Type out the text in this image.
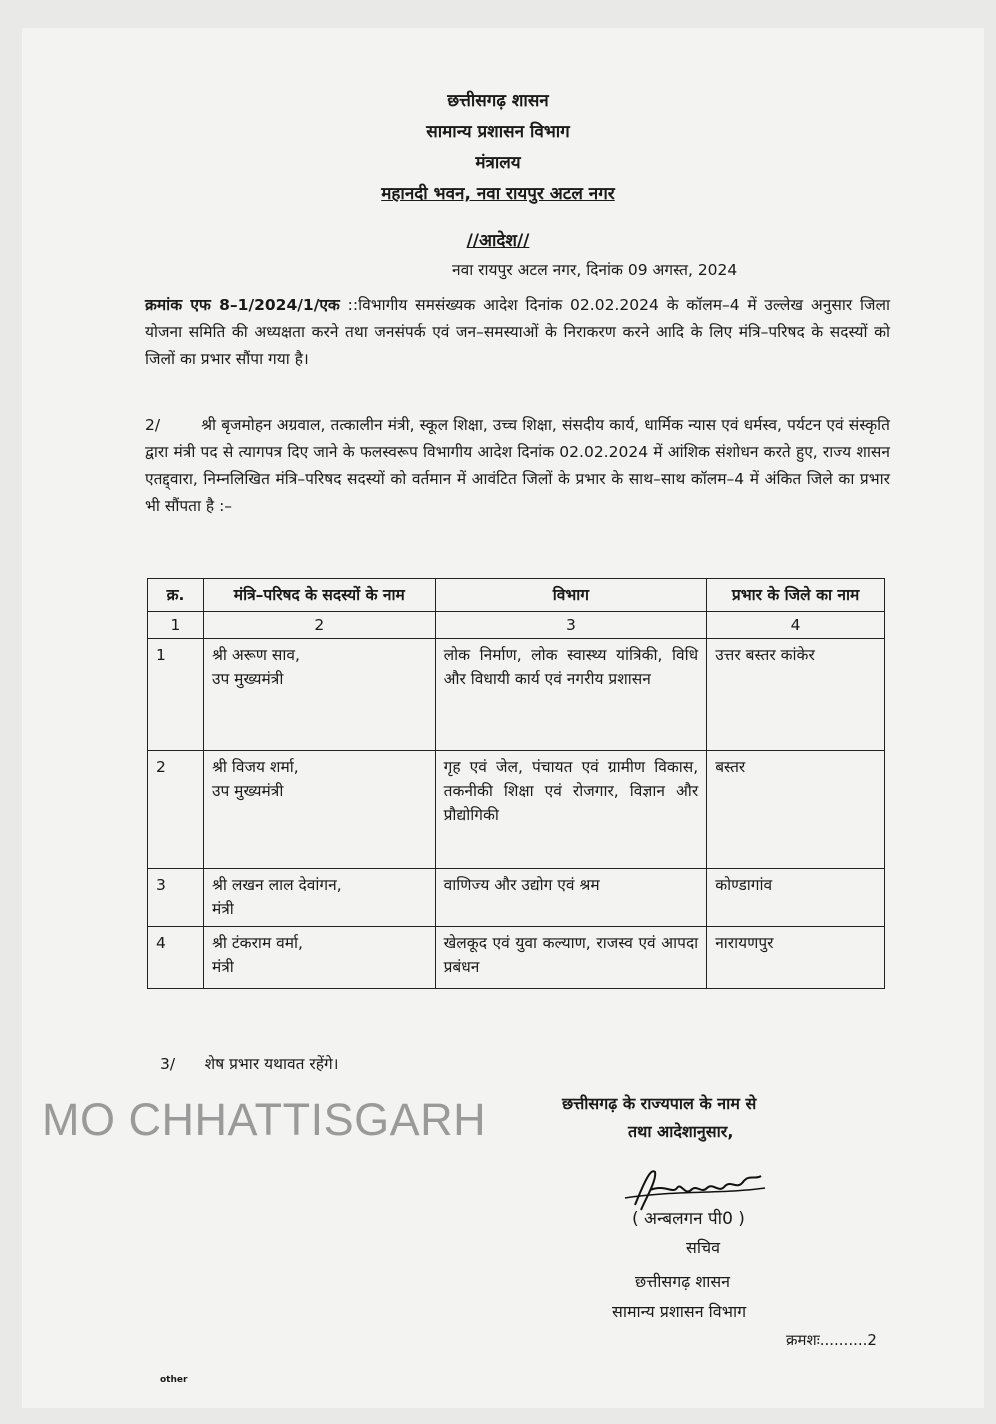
छत्तीसगढ़ शासन
सामान्य प्रशासन विभाग
मंत्रालय
महानदी भवन, नवा रायपुर अटल नगर
//आदेश//
नवा रायपुर अटल नगर, दिनांक 09 अगस्त, 2024
क्रमांक एफ 8–1/2024/1/एक ::विभागीय समसंख्यक आदेश दिनांक 02.02.2024 के कॉलम–4 में उल्लेख अनुसार जिला योजना समिति की अध्यक्षता करने तथा जनसंपर्क एवं जन–समस्याओं के निराकरण करने आदि के लिए मंत्रि–परिषद के सदस्यों को जिलों का प्रभार सौंपा गया है।
2/	श्री बृजमोहन अग्रवाल, तत्कालीन मंत्री, स्कूल शिक्षा, उच्च शिक्षा, संसदीय कार्य, धार्मिक न्यास एवं धर्मस्व, पर्यटन एवं संस्कृति द्वारा मंत्री पद से त्यागपत्र दिए जाने के फलस्वरूप विभागीय आदेश दिनांक 02.02.2024 में आंशिक संशोधन करते हुए, राज्य शासन एतद्द्वारा, निम्नलिखित मंत्रि–परिषद सदस्यों को वर्तमान में आवंटित जिलों के प्रभार के साथ–साथ कॉलम–4 में अंकित जिले का प्रभार भी सौंपता है :–
क्र.	मंत्रि–परिषद के सदस्यों के नाम	विभाग	प्रभार के जिले का नाम
1	2	3	4
1	श्री अरूण साव,
उप मुख्यमंत्री	लोक निर्माण, लोक स्वास्थ्य यांत्रिकी, विधि और विधायी कार्य एवं नगरीय प्रशासन	उत्तर बस्तर कांकेर
2	श्री विजय शर्मा,
उप मुख्यमंत्री	गृह एवं जेल, पंचायत एवं ग्रामीण विकास, तकनीकी शिक्षा एवं रोजगार, विज्ञान और प्रौद्योगिकी	बस्तर
3	श्री लखन लाल देवांगन,
मंत्री	वाणिज्य और उद्योग एवं श्रम	कोण्डागांव
4	श्री टंकराम वर्मा,
मंत्री	खेलकूद एवं युवा कल्याण, राजस्व एवं आपदा प्रबंधन	नारायणपुर
3/ शेष प्रभार यथावत रहेंगे।
MO CHHATTISGARH	छत्तीसगढ़ के राज्यपाल के नाम से
तथा आदेशानुसार,
( अन्बलगन पी0 )
सचिव
छत्तीसगढ़ शासन
सामान्य प्रशासन विभाग
क्रमशः..........2
other
